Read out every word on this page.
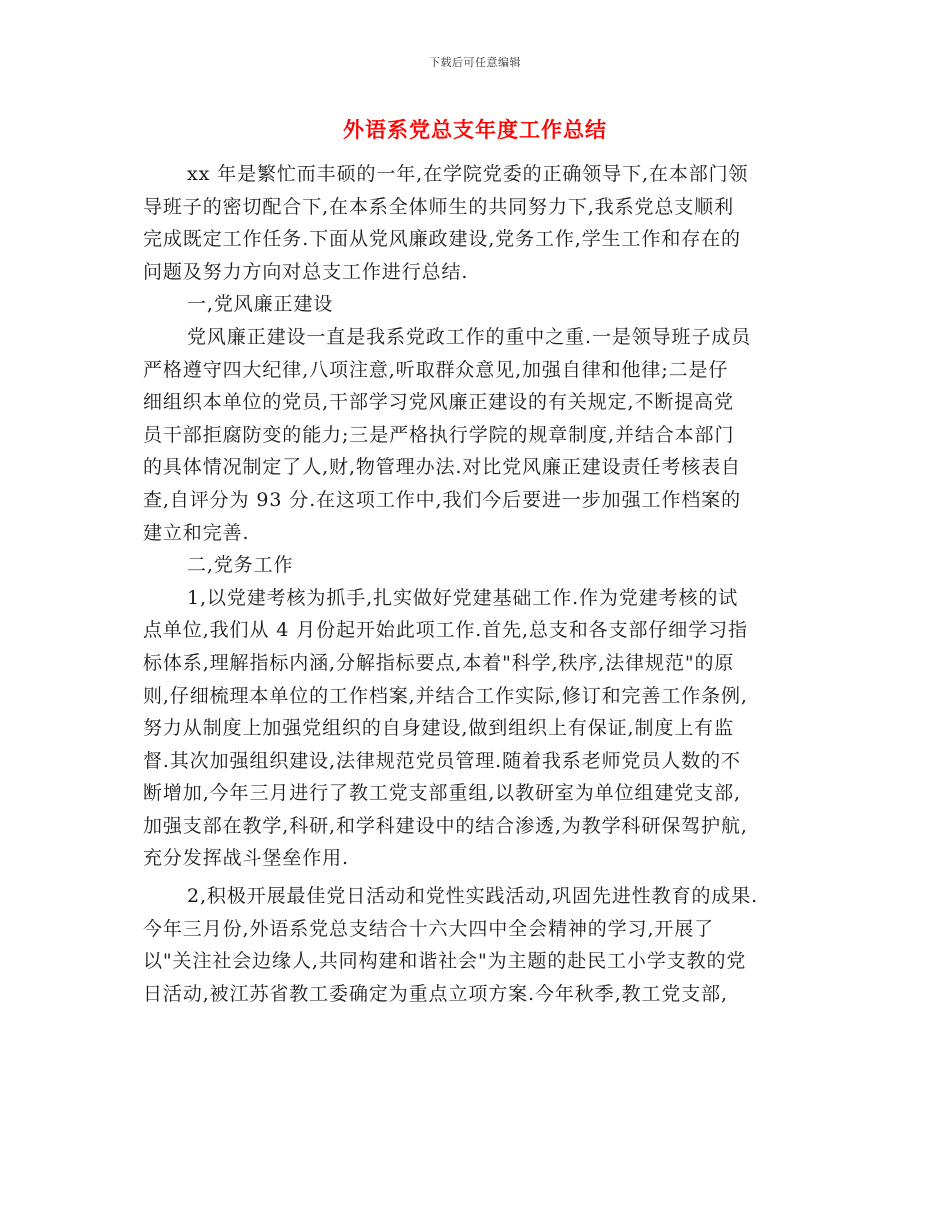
下载后可任意编辑
外语系党总支年度工作总结
xx 年是繁忙而丰硕的一年,在学院党委的正确领导下,在本部门领
导班子的密切配合下,在本系全体师生的共同努力下,我系党总支顺利
完成既定工作任务.下面从党风廉政建设,党务工作,学生工作和存在的
问题及努力方向对总支工作进行总结.
一,党风廉正建设
党风廉正建设一直是我系党政工作的重中之重.一是领导班子成员
严格遵守四大纪律,八项注意,听取群众意见,加强自律和他律;二是仔
细组织本单位的党员,干部学习党风廉正建设的有关规定,不断提高党
员干部拒腐防变的能力;三是严格执行学院的规章制度,并结合本部门
的具体情况制定了人,财,物管理办法.对比党风廉正建设责任考核表自
查,自评分为 93 分.在这项工作中,我们今后要进一步加强工作档案的
建立和完善.
二,党务工作
1,以党建考核为抓手,扎实做好党建基础工作.作为党建考核的试
点单位,我们从 4 月份起开始此项工作.首先,总支和各支部仔细学习指
标体系,理解指标内涵,分解指标要点,本着"科学,秩序,法律规范"的原
则,仔细梳理本单位的工作档案,并结合工作实际,修订和完善工作条例,
努力从制度上加强党组织的自身建设,做到组织上有保证,制度上有监
督.其次加强组织建设,法律规范党员管理.随着我系老师党员人数的不
断增加,今年三月进行了教工党支部重组,以教研室为单位组建党支部,
加强支部在教学,科研,和学科建设中的结合渗透,为教学科研保驾护航,
充分发挥战斗堡垒作用.
2,积极开展最佳党日活动和党性实践活动,巩固先进性教育的成果.
今年三月份,外语系党总支结合十六大四中全会精神的学习,开展了
以"关注社会边缘人,共同构建和谐社会"为主题的赴民工小学支教的党
日活动,被江苏省教工委确定为重点立项方案.今年秋季,教工党支部,
